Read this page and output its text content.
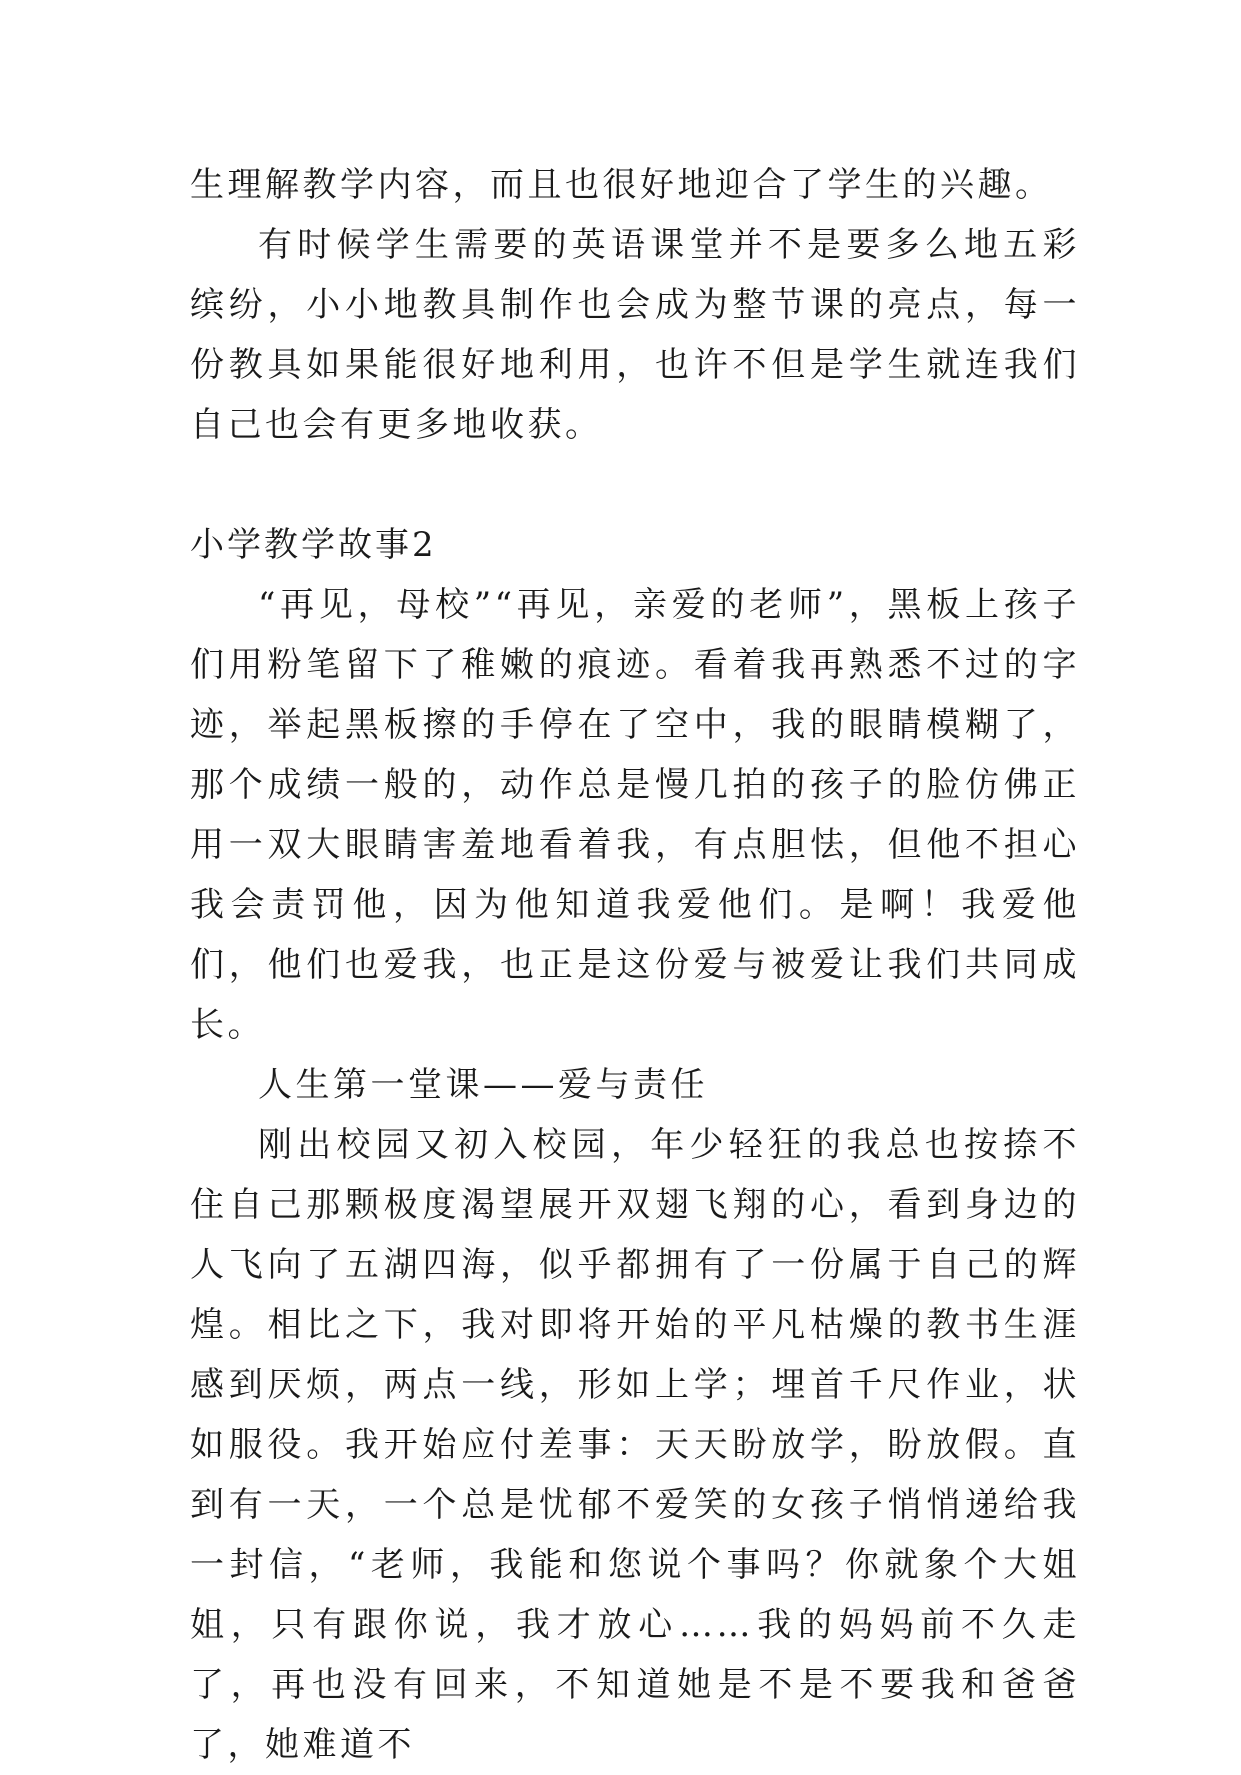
生理解教学内容，而且也很好地迎合了学生的兴趣。

有时候学生需要的英语课堂并不是要多么地五彩缤纷，小小地教具制作也会成为整节课的亮点，每一份教具如果能很好地利用，也许不但是学生就连我们自己也会有更多地收获。

小学教学故事2

“再见，母校”“再见，亲爱的老师”，黑板上孩子们用粉笔留下了稚嫩的痕迹。看着我再熟悉不过的字迹，举起黑板擦的手停在了空中，我的眼睛模糊了，那个成绩一般的，动作总是慢几拍的孩子的脸仿佛正用一双大眼睛害羞地看着我，有点胆怯，但他不担心我会责罚他，因为他知道我爱他们。是啊！我爱他们，他们也爱我，也正是这份爱与被爱让我们共同成长。

人生第一堂课——爱与责任

刚出校园又初入校园，年少轻狂的我总也按捺不住自己那颗极度渴望展开双翅飞翔的心，看到身边的人飞向了五湖四海，似乎都拥有了一份属于自己的辉煌。相比之下，我对即将开始的平凡枯燥的教书生涯感到厌烦，两点一线，形如上学；埋首千尺作业，状如服役。我开始应付差事：天天盼放学，盼放假。直到有一天，一个总是忧郁不爱笑的女孩子悄悄递给我一封信，“老师，我能和您说个事吗？你就象个大姐姐，只有跟你说，我才放心……我的妈妈前不久走了，再也没有回来，不知道她是不是不要我和爸爸了，她难道不
